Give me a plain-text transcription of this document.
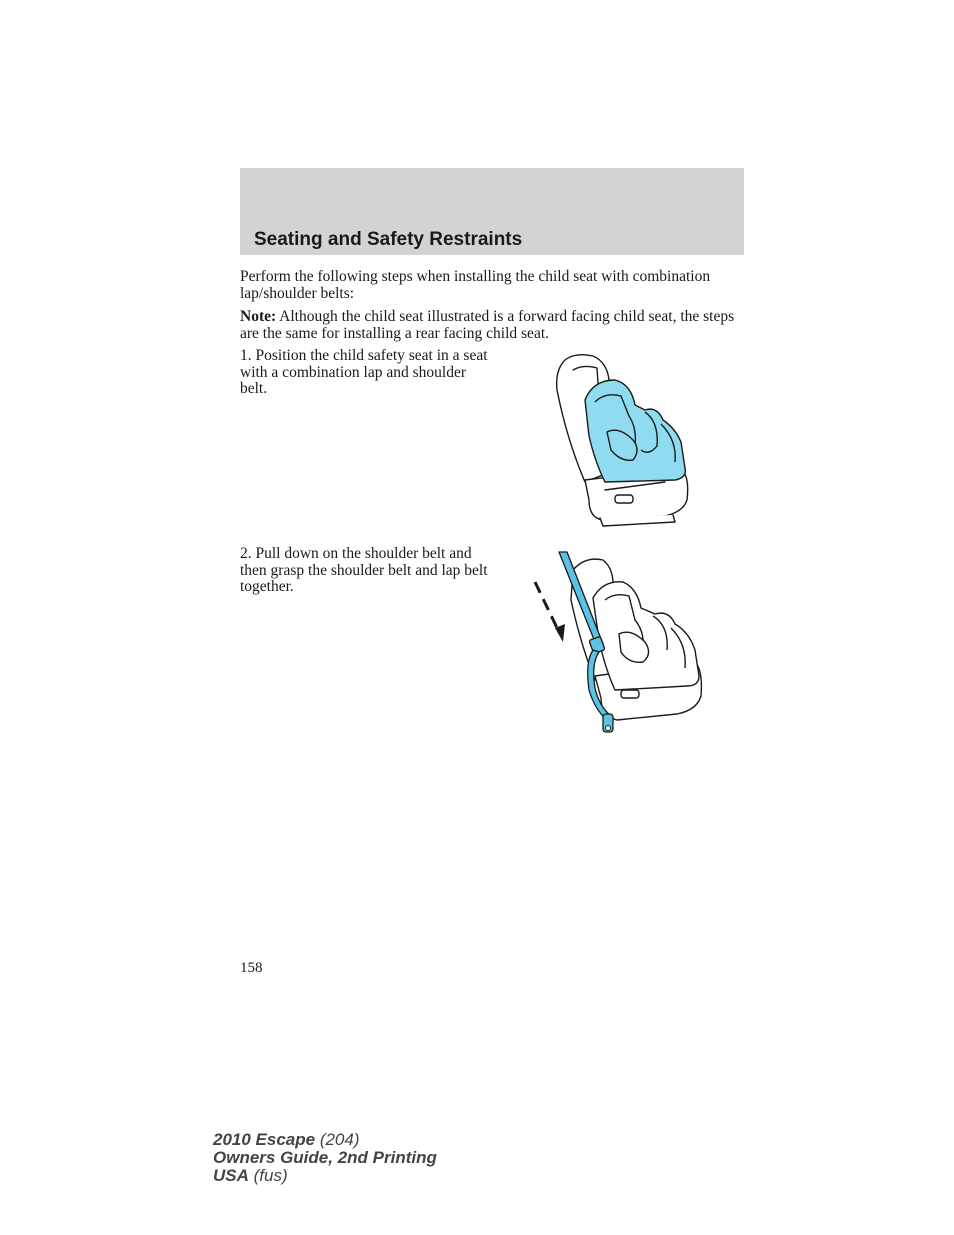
Seating and Safety Restraints

Perform the following steps when installing the child seat with combination lap/shoulder belts:

Note: Although the child seat illustrated is a forward facing child seat, the steps are the same for installing a rear facing child seat.

1. Position the child safety seat in a seat with a combination lap and shoulder belt.

2. Pull down on the shoulder belt and then grasp the shoulder belt and lap belt together.

158

2010 Escape (204)
Owners Guide, 2nd Printing
USA (fus)
